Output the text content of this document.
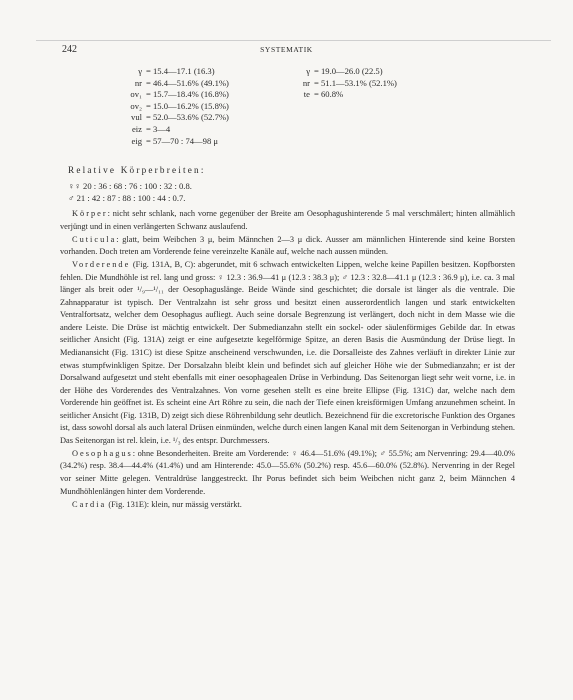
242	SYSTEMATIK
γ = 15.4—17.1 (16.3)
nr = 46.4—51.6% (49.1%)
ov₁ = 15.7—18.4% (16.8%)
ov₂ = 15.0—16.2% (15.8%)
vul = 52.0—53.6% (52.7%)
eiz = 3—4
eig = 57—70 : 74—98 μ
γ = 19.0—26.0 (22.5)
nr = 51.1—53.1% (52.1%)
te = 60.8%
Relative Körperbreiten:
♀♀ 20 : 36 : 68 : 76 : 100 : 32 : 0.8.
♂ 21 : 42 : 87 : 88 : 100 : 44 : 0.7.

Körper: nicht sehr schlank, nach vorne gegenüber der Breite am Oesophagushinterende 5 mal verschmälert; hinten allmählich verjüngt und in einen verlängerten Schwanz auslaufend.

Cuticula: glatt, beim Weibchen 3 μ, beim Männchen 2—3 μ dick. Ausser am männlichen Hinterende sind keine Borsten vorhanden. Doch treten am Vorderende feine vereinzelte Kanäle auf, welche nach aussen münden.

Vorderende (Fig. 131A, B, C): abgerundet, mit 6 schwach entwickelten Lippen, welche keine Papillen besitzen. Kopfborsten fehlen. Die Mundhöhle ist rel. lang und gross: ♀ 12.3 : 36.9—41 μ (12.3 : 38.3 μ); ♂ 12.3 : 32.8—41.1 μ (12.3 : 36.9 μ), i.e. ca. 3 mal länger als breit oder ¹/₉—¹/₁₁ der Oesophaguslänge. Beide Wände sind geschichtet; die dorsale ist länger als die ventrale. Die Zahnapparatur ist typisch. Der Ventralzahn ist sehr gross und besitzt einen ausserordentlich langen und stark entwickelten Ventralfortsatz, welcher dem Oesophagus aufliegt. Auch seine dorsale Begrenzung ist verlängert, doch nicht in dem Masse wie die andere Leiste. Die Drüse ist mächtig entwickelt. Der Submedianzahn stellt ein sockel- oder säulenförmiges Gebilde dar. In etwas seitlicher Ansicht (Fig. 131A) zeigt er eine aufgesetzte kegelförmige Spitze, an deren Basis die Ausmündung der Drüse liegt. In Medianansicht (Fig. 131C) ist diese Spitze anscheinend verschwunden, i.e. die Dorsalleiste des Zahnes verläuft in direkter Linie zur etwas stumpfwinkligen Spitze. Der Dorsalzahn bleibt klein und befindet sich auf gleicher Höhe wie der Submedianzahn; er ist der Dorsalwand aufgesetzt und steht ebenfalls mit einer oesophagealen Drüse in Verbindung. Das Seitenorgan liegt sehr weit vorne, i.e. in der Höhe des Vorderendes des Ventralzahnes. Von vorne gesehen stellt es eine breite Ellipse (Fig. 131C) dar, welche nach dem Vorderende hin geöffnet ist. Es scheint eine Art Röhre zu sein, die nach der Tiefe einen kreisförmigen Umfang anzunehmen scheint. In seitlicher Ansicht (Fig. 131B, D) zeigt sich diese Röhrenbildung sehr deutlich. Bezeichnend für die excretorische Funktion des Organes ist, dass sowohl dorsal als auch lateral Drüsen einmünden, welche durch einen langen Kanal mit dem Seitenorgan in Verbindung stehen. Das Seitenorgan ist rel. klein, i.e. ¹/₃ des entspr. Durchmessers.

Oesophagus: ohne Besonderheiten. Breite am Vorderende: ♀ 46.4—51.6% (49.1%); ♂ 55.5%; am Nervenring: 29.4—40.0% (34.2%) resp. 38.4—44.4% (41.4%) und am Hinterende: 45.0—55.6% (50.2%) resp. 45.6—60.0% (52.8%). Nervenring in der Regel vor seiner Mitte gelegen. Ventraldrüse langgestreckt. Ihr Porus befindet sich beim Weibchen nicht ganz 2, beim Männchen 4 Mundhöhlenlängen hinter dem Vorderende.

Cardia (Fig. 131E): klein, nur mässig verstärkt.
